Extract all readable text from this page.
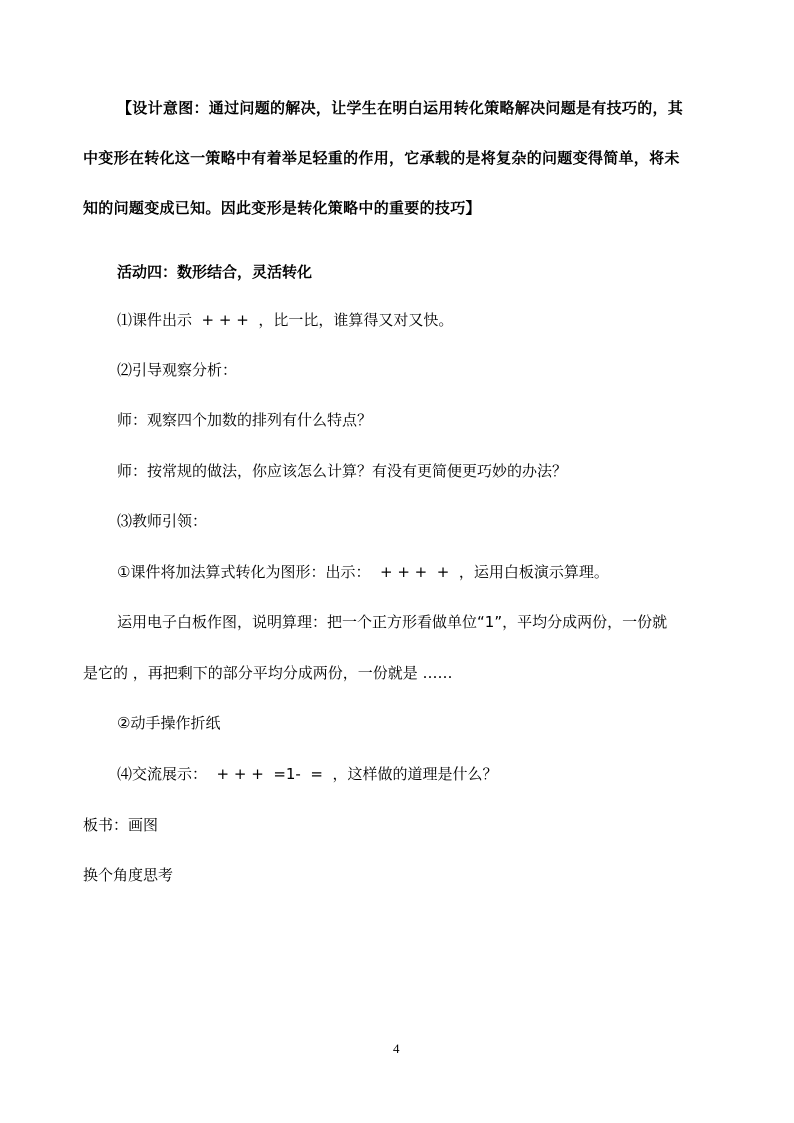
【设计意图：通过问题的解决，让学生在明白运用转化策略解决问题是有技巧的，其
中变形在转化这一策略中有着举足轻重的作用，它承载的是将复杂的问题变得简单，将未
知的问题变成已知。因此变形是转化策略中的重要的技巧】
活动四：数形结合，灵活转化
⑴课件出示  + + +  ，比一比，谁算得又对又快。
⑵引导观察分析：
师：观察四个加数的排列有什么特点？
师：按常规的做法，你应该怎么计算？有没有更简便更巧妙的办法？
⑶教师引领：
①课件将加法算式转化为图形：出示：  + + +  +  ，运用白板演示算理。
运用电子白板作图，说明算理：把一个正方形看做单位“1”，平均分成两份，一份就
是它的 ，再把剩下的部分平均分成两份，一份就是 ……
②动手操作折纸
⑷交流展示：  + + +  =1-  =  ，这样做的道理是什么？
板书：画图
换个角度思考
4
